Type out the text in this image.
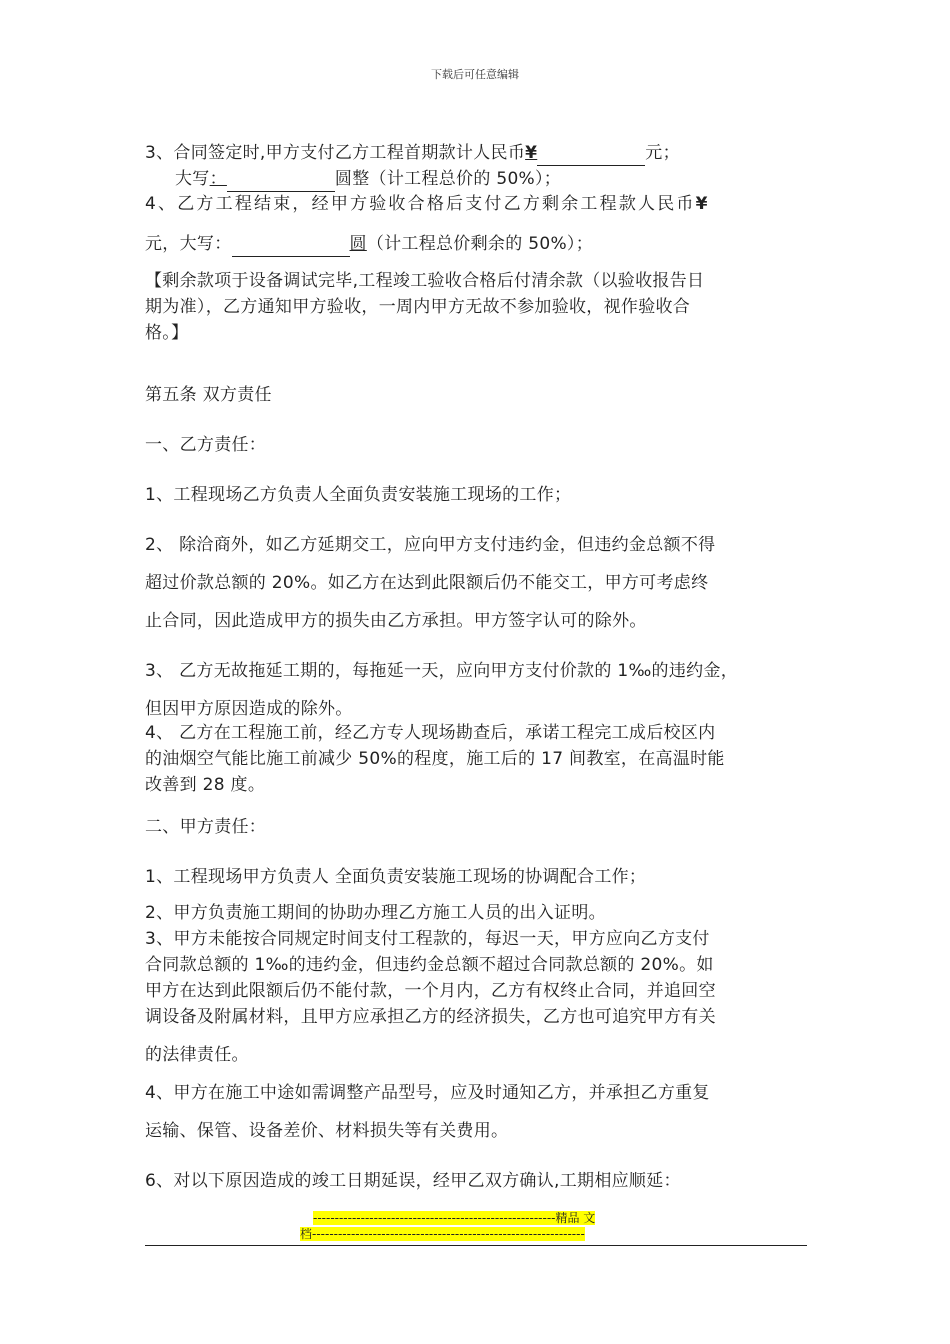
下载后可任意编辑

3、合同签定时,甲方支付乙方工程首期款计人民币¥	元；

大写：	圆整（计工程总价的 50%）；

4、乙方工程结束，经甲方验收合格后支付乙方剩余工程款人民币¥

元，大写：	圆（计工程总价剩余的 50%）；

【剩余款项于设备调试完毕,工程竣工验收合格后付清余款（以验收报告日

期为准），乙方通知甲方验收，一周内甲方无故不参加验收，视作验收合

格。】

第五条 双方责任

一、乙方责任：

1、工程现场乙方负责人全面负责安装施工现场的工作；

2、 除洽商外，如乙方延期交工，应向甲方支付违约金，但违约金总额不得

超过价款总额的 20%。如乙方在达到此限额后仍不能交工，甲方可考虑终

止合同，因此造成甲方的损失由乙方承担。甲方签字认可的除外。

3、 乙方无故拖延工期的，每拖延一天，应向甲方支付价款的 1‰的违约金，

但因甲方原因造成的除外。

4、 乙方在工程施工前，经乙方专人现场勘查后，承诺工程完工成后校区内

的油烟空气能比施工前减少 50%的程度，施工后的 17 间教室，在高温时能

改善到 28 度。

二、甲方责任：

1、工程现场甲方负责人 全面负责安装施工现场的协调配合工作；

2、甲方负责施工期间的协助办理乙方施工人员的出入证明。

3、甲方未能按合同规定时间支付工程款的，每迟一天，甲方应向乙方支付

合同款总额的 1‰的违约金，但违约金总额不超过合同款总额的 20%。如

甲方在达到此限额后仍不能付款，一个月内，乙方有权终止合同，并追回空

调设备及附属材料，且甲方应承担乙方的经济损失，乙方也可追究甲方有关

的法律责任。

4、甲方在施工中途如需调整产品型号，应及时通知乙方，并承担乙方重复

运输、保管、设备差价、材料损失等有关费用。

6、对以下原因造成的竣工日期延误，经甲乙双方确认,工期相应顺延：

--------------------------------------------------------精品 文
档---------------------------------------------------------------
